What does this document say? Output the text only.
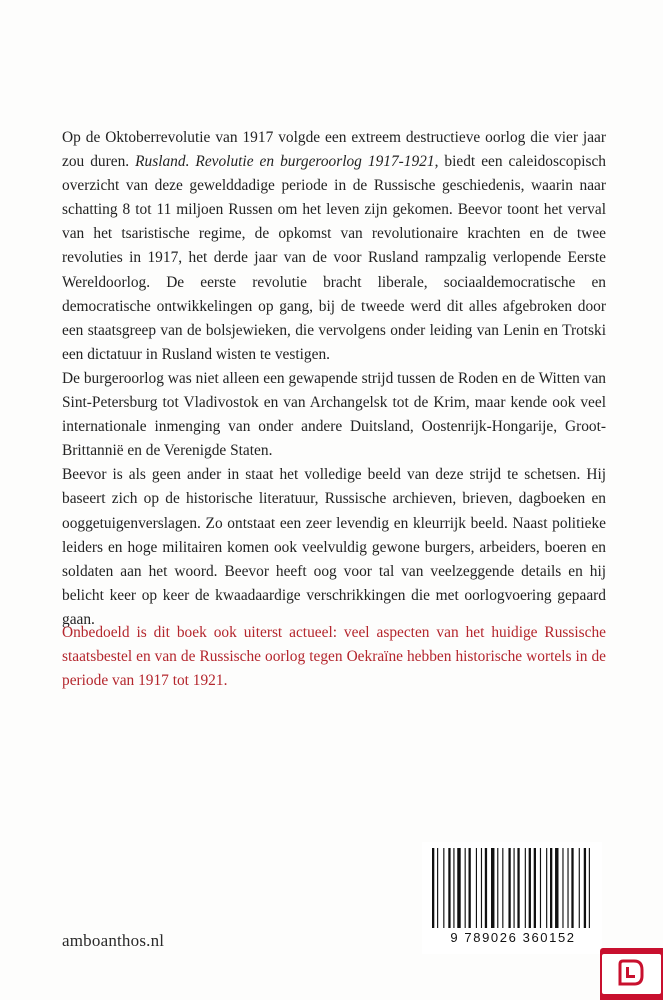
Op de Oktoberrevolutie van 1917 volgde een extreem destructieve oorlog die vier jaar zou duren. Rusland. Revolutie en burgeroorlog 1917-1921, biedt een caleidoscopisch overzicht van deze gewelddadige periode in de Russische geschiedenis, waarin naar schatting 8 tot 11 miljoen Russen om het leven zijn gekomen. Beevor toont het verval van het tsaristische regime, de opkomst van revolutionaire krachten en de twee revoluties in 1917, het derde jaar van de voor Rusland rampzalig verlopende Eerste Wereldoorlog. De eerste revolutie bracht liberale, sociaaldemocratische en democratische ontwikkelingen op gang, bij de tweede werd dit alles afgebroken door een staatsgreep van de bolsjewieken, die vervolgens onder leiding van Lenin en Trotski een dictatuur in Rusland wisten te vestigen.

De burgeroorlog was niet alleen een gewapende strijd tussen de Roden en de Witten van Sint-Petersburg tot Vladivostok en van Archangelsk tot de Krim, maar kende ook veel internationale inmenging van onder andere Duitsland, Oostenrijk-Hongarije, Groot-Brittannië en de Verenigde Staten.

Beevor is als geen ander in staat het volledige beeld van deze strijd te schetsen. Hij baseert zich op de historische literatuur, Russische archieven, brieven, dagboeken en ooggetuigenverslagen. Zo ontstaat een zeer levendig en kleurrijk beeld. Naast politieke leiders en hoge militairen komen ook veelvuldig gewone burgers, arbeiders, boeren en soldaten aan het woord. Beevor heeft oog voor tal van veelzeggende details en hij belicht keer op keer de kwaadaardige verschrikkingen die met oorlogvoering gepaard gaan.

Onbedoeld is dit boek ook uiterst actueel: veel aspecten van het huidige Russische staatsbestel en van de Russische oorlog tegen Oekraïne hebben historische wortels in de periode van 1917 tot 1921.

amboanthos.nl	9 789026 360152
